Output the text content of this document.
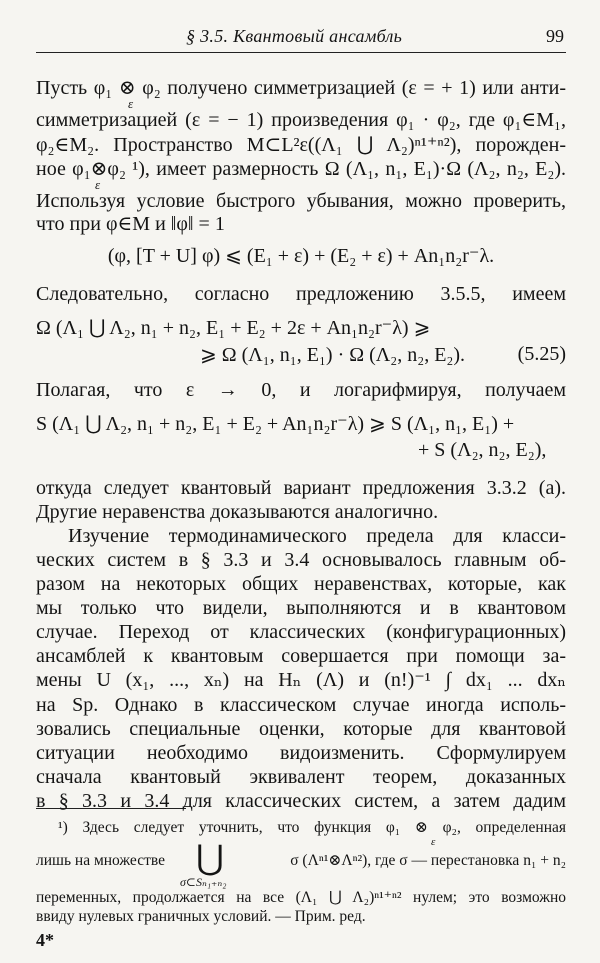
§ 3.5. Квантовый ансамбль	99
Пусть φ₁ ⊗ φ₂ получено симметризацией (ε = + 1) или анти-
ε
симметризацией (ε = − 1) произведения φ₁ · φ₂, где φ₁∈M₁,
φ₂∈M₂. Пространство M⊂L²ε((Λ₁ ⋃ Λ₂)ⁿ¹⁺ⁿ²), порожден-
ное φ₁⊗φ₂ ¹), имеет размерность Ω (Λ₁, n₁, E₁)·Ω (Λ₂, n₂, E₂).
ε
Используя условие быстрого убывания, можно проверить,
что при φ∈M и ‖φ‖ = 1
(φ, [T + U] φ) ⩽ (E₁ + ε) + (E₂ + ε) + An₁n₂r⁻λ.
Следовательно, согласно предложению 3.5.5, имеем
Ω (Λ₁ ⋃ Λ₂, n₁ + n₂, E₁ + E₂ + 2ε + An₁n₂r⁻λ) ⩾
⩾ Ω (Λ₁, n₁, E₁) · Ω (Λ₂, n₂, E₂).	(5.25)
Полагая, что ε → 0, и логарифмируя, получаем
S (Λ₁ ⋃ Λ₂, n₁ + n₂, E₁ + E₂ + An₁n₂r⁻λ) ⩾ S (Λ₁, n₁, E₁) +
+ S (Λ₂, n₂, E₂),
откуда следует квантовый вариант предложения 3.3.2 (a).
Другие неравенства доказываются аналогично.
Изучение термодинамического предела для класси-
ческих систем в § 3.3 и 3.4 основывалось главным об-
разом на некоторых общих неравенствах, которые, как
мы только что видели, выполняются и в квантовом
случае. Переход от классических (конфигурационных)
ансамблей к квантовым совершается при помощи за-
мены U (x₁, ..., xₙ) на Hₙ (Λ) и (n!)⁻¹ ∫ dx₁ ... dxₙ
на Sp. Однако в классическом случае иногда исполь-
зовались специальные оценки, которые для квантовой
ситуации необходимо видоизменить. Сформулируем
сначала квантовый эквивалент теорем, доказанных
¹) Здесь следует уточнить, что функция φ₁ ⊗ φ₂, определенная
ε
лишь на множестве	σ (Λⁿ¹⊗Λⁿ²), где σ — перестановка n₁ + n₂
переменных, продолжается на все (Λ₁ ⋃ Λ₂)ⁿ¹⁺ⁿ² нулем; это возможно
ввиду нулевых граничных условий. — Прим. ред.
⋃
σ⊂Sₙ₁₊ₙ₂
4*
в § 3.3 и 3.4 для классических систем, а затем дадим
